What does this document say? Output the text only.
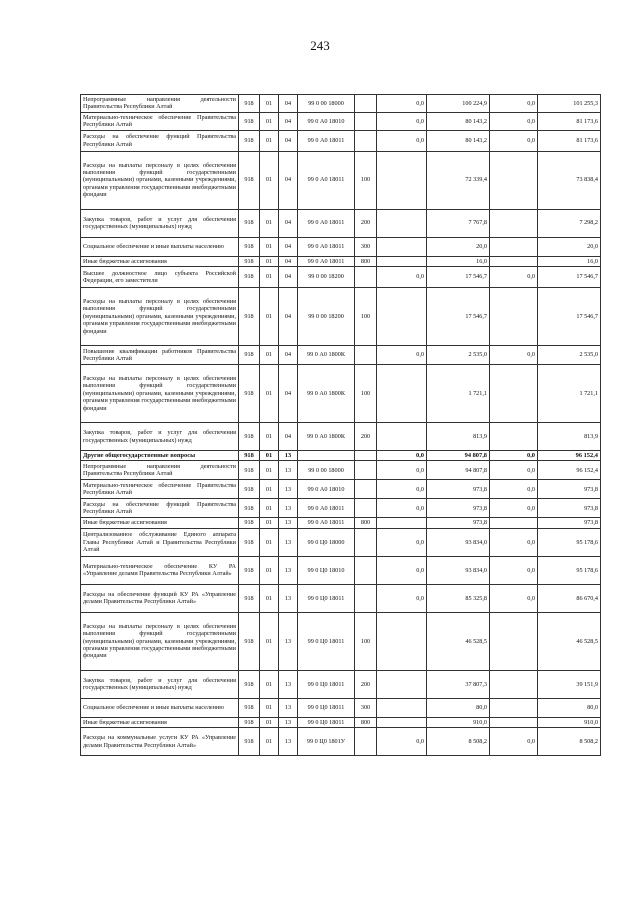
243
Непрограммные направления деятельности Правительства Республики Алтай	918	01	04	99 0 00 18000		0,0	100 224,9	0,0	101 255,3
Материально-техническое обеспечение Правительства Республики Алтай	918	01	04	99 0 А0 18010		0,0	80 143,2	0,0	81 173,6
Расходы на обеспечение функций Правительства Республики Алтай	918	01	04	99 0 А0 18011		0,0	80 143,2	0,0	81 173,6
Расходы на выплаты персоналу в целях обеспечения выполнения функций государственными (муниципальными) органами, казенными учреждениями, органами управления государственными внебюджетными фондами	918	01	04	99 0 А0 18011	100		72 339,4		73 838,4
Закупка товаров, работ и услуг для обеспечения государственных (муниципальных) нужд	918	01	04	99 0 А0 18011	200		7 767,8		7 298,2
Социальное обеспечение и иные выплаты населению	918	01	04	99 0 А0 18011	300		20,0		20,0
Иные бюджетные ассигнования	918	01	04	99 0 А0 18011	800		16,0		16,0
Высшее должностное лицо субъекта Российской Федерации, его заместители	918	01	04	99 0 00 18200		0,0	17 546,7	0,0	17 546,7
Расходы на выплаты персоналу в целях обеспечения выполнения функций государственными (муниципальными) органами, казенными учреждениями, органами управления государственными внебюджетными фондами	918	01	04	99 0 00 18200	100		17 546,7		17 546,7
Повышение квалификации работников Правительства Республики Алтай	918	01	04	99 0 А0 1800К		0,0	2 535,0	0,0	2 535,0
Расходы на выплаты персоналу в целях обеспечения выполнения функций государственными (муниципальными) органами, казенными учреждениями, органами управления государственными внебюджетными фондами	918	01	04	99 0 А0 1800К	100		1 721,1		1 721,1
Закупка товаров, работ и услуг для обеспечения государственных (муниципальных) нужд	918	01	04	99 0 А0 1800К	200		813,9		813,9
Другие общегосударственные вопросы	918	01	13			0,0	94 807,8	0,0	96 152,4
Непрограммные направления деятельности Правительства Республики Алтай	918	01	13	99 0 00 18000		0,0	94 807,8	0,0	96 152,4
Материально-техническое обеспечение Правительства Республики Алтай	918	01	13	99 0 А0 18010		0,0	973,8	0,0	973,8
Расходы на обеспечение функций Правительства Республики Алтай	918	01	13	99 0 А0 18011		0,0	973,8	0,0	973,8
Иные бюджетные ассигнования	918	01	13	99 0 А0 18011	800		973,8		973,8
Централизованное обслуживание Единого аппарата Главы Республики Алтай и Правительства Республики Алтай	918	01	13	99 0 Ц0 18000		0,0	93 834,0	0,0	95 178,6
Материально-техническое обеспечение КУ РА «Управление делами Правительства Республики Алтай»	918	01	13	99 0 Ц0 18010		0,0	93 834,0	0,0	95 178,6
Расходы на обеспечение функций КУ РА «Управление делами Правительства Республики Алтай»	918	01	13	99 0 Ц0 18011		0,0	85 325,8	0,0	86 670,4
Расходы на выплаты персоналу в целях обеспечения выполнения функций государственными (муниципальными) органами, казенными учреждениями, органами управления государственными внебюджетными фондами	918	01	13	99 0 Ц0 18011	100		46 528,5		46 528,5
Закупка товаров, работ и услуг для обеспечения государственных (муниципальных) нужд	918	01	13	99 0 Ц0 18011	200		37 807,3		39 151,9
Социальное обеспечение и иные выплаты населению	918	01	13	99 0 Ц0 18011	300		80,0		80,0
Иные бюджетные ассигнования	918	01	13	99 0 Ц0 18011	800		910,0		910,0
Расходы на коммунальные услуги КУ РА «Управление делами Правительства Республики Алтай»	918	01	13	99 0 Ц0 1801У		0,0	8 508,2	0,0	8 508,2
